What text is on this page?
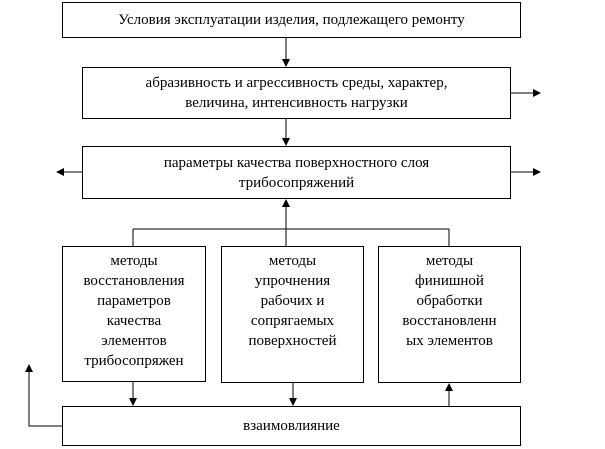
Условия эксплуатации изделия, подлежащего ремонту
абразивность и агрессивность среды, характер,
величина, интенсивность нагрузки
параметры качества поверхностного слоя
трибосопряжений
методы
восстановления
параметров
качества
элементов
трибосопряжен
методы
упрочнения
рабочих и
сопрягаемых
поверхностей
методы
финишной
обработки
восстановленн
ых элементов
взаимовлияние
